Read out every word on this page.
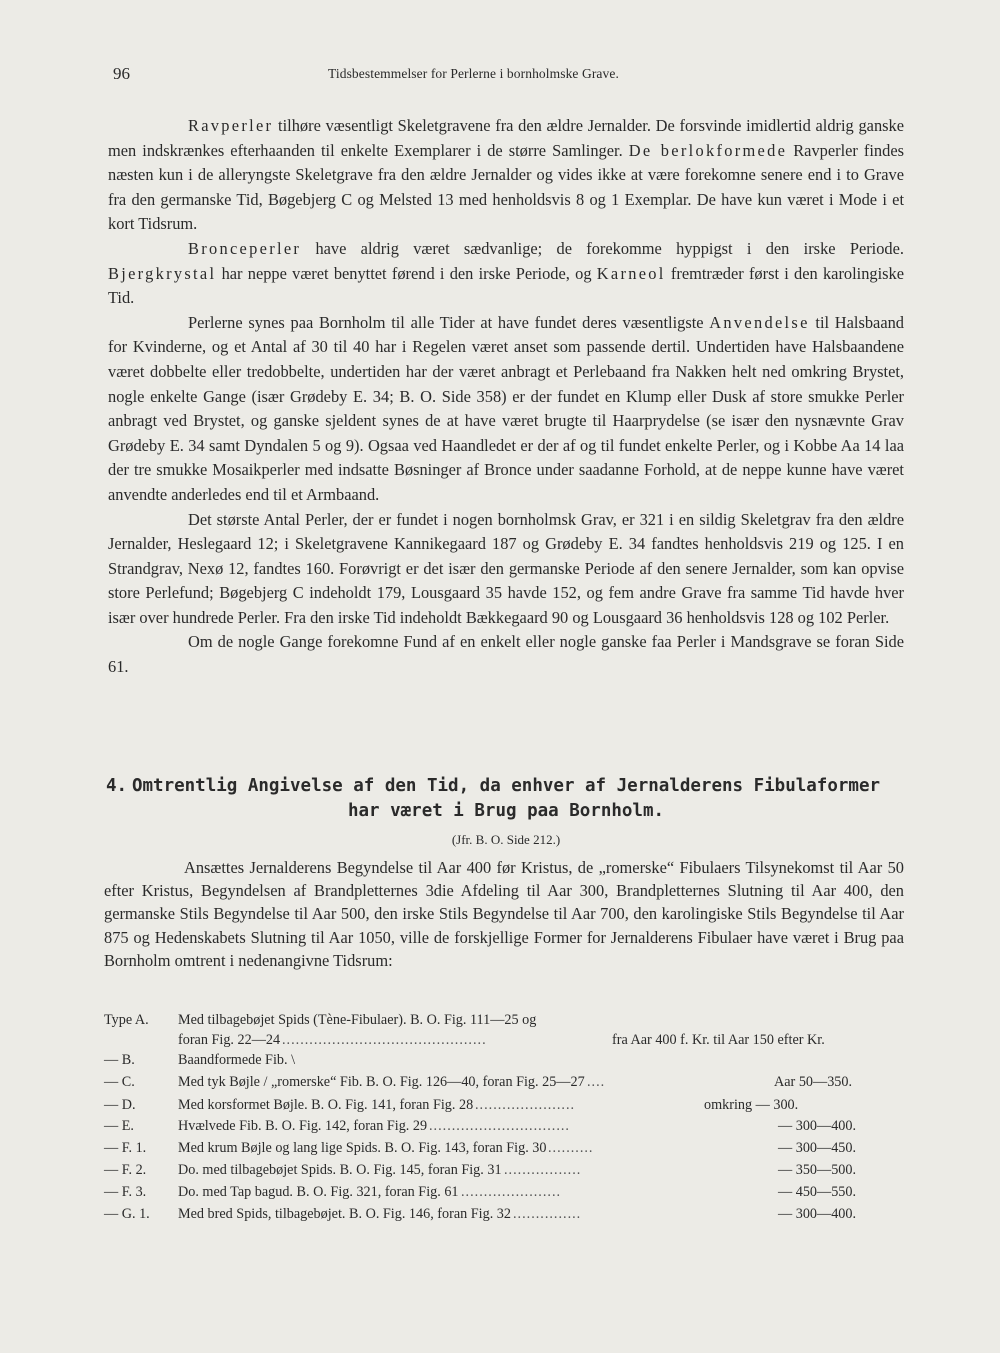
96	Tidsbestemmelser for Perlerne i bornholmske Grave.

Ravperler tilhøre væsentligt Skeletgravene fra den ældre Jernalder. De forsvinde imidlertid aldrig ganske men indskrænkes efterhaanden til enkelte Exemplarer i de større Samlinger. De berlokformede Ravperler findes næsten kun i de alleryngste Skeletgrave fra den ældre Jernalder og vides ikke at være forekomne senere end i to Grave fra den germanske Tid, Bøgebjerg C og Melsted 13 med henholdsvis 8 og 1 Exemplar. De have kun været i Mode i et kort Tidsrum.

Bronceperler have aldrig været sædvanlige; de forekomme hyppigst i den irske Periode. Bjergkrystal har neppe været benyttet førend i den irske Periode, og Karneol fremtræder først i den karolingiske Tid.

Perlerne synes paa Bornholm til alle Tider at have fundet deres væsentligste Anvendelse til Halsbaand for Kvinderne, og et Antal af 30 til 40 har i Regelen været anset som passende dertil. Undertiden have Halsbaandene været dobbelte eller tredobbelte, undertiden har der været anbragt et Perlebaand fra Nakken helt ned omkring Brystet, nogle enkelte Gange (især Grødeby E. 34; B. O. Side 358) er der fundet en Klump eller Dusk af store smukke Perler anbragt ved Brystet, og ganske sjeldent synes de at have været brugte til Haarprydelse (se især den nysnævnte Grav Grødeby E. 34 samt Dyndalen 5 og 9). Ogsaa ved Haandledet er der af og til fundet enkelte Perler, og i Kobbe Aa 14 laa der tre smukke Mosaikperler med indsatte Bøsninger af Bronce under saadanne Forhold, at de neppe kunne have været anvendte anderledes end til et Armbaand.

Det største Antal Perler, der er fundet i nogen bornholmsk Grav, er 321 i en sildig Skeletgrav fra den ældre Jernalder, Heslegaard 12; i Skeletgravene Kannikegaard 187 og Grødeby E. 34 fandtes henholdsvis 219 og 125. I en Strandgrav, Nexø 12, fandtes 160. Forøvrigt er det især den germanske Periode af den senere Jernalder, som kan opvise store Perlefund; Bøgebjerg C indeholdt 179, Lousgaard 35 havde 152, og fem andre Grave fra samme Tid havde hver især over hundrede Perler. Fra den irske Tid indeholdt Bækkegaard 90 og Lousgaard 36 henholdsvis 128 og 102 Perler.

Om de nogle Gange forekomne Fund af en enkelt eller nogle ganske faa Perler i Mandsgrave se foran Side 61.

4. Omtrentlig Angivelse af den Tid, da enhver af Jernalderens Fibulaformer
har været i Brug paa Bornholm.
(Jfr. B. O. Side 212.)

Ansættes Jernalderens Begyndelse til Aar 400 før Kristus, de „romerske“ Fibulaers Tilsynekomst til Aar 50 efter Kristus, Begyndelsen af Brandpletternes 3die Afdeling til Aar 300, Brandpletternes Slutning til Aar 400, den germanske Stils Begyndelse til Aar 500, den irske Stils Begyndelse til Aar 700, den karolingiske Stils Begyndelse til Aar 875 og Hedenskabets Slutning til Aar 1050, ville de forskjellige Former for Jernalderens Fibulaer have været i Brug paa Bornholm omtrent i nedenangivne Tidsrum:

Type A.	Med tilbagebøjet Spids (Tène-Fibulaer). B. O. Fig. 111—25 og
foran Fig. 22—24 .............................................	fra Aar 400 f. Kr. til Aar 150 efter Kr.
— B.	Baandformede Fib. \
— C.	Med tyk Bøjle / „romerske“ Fib. B. O. Fig. 126—40, foran Fig. 25—27 ....	Aar 50—350.
— D.	Med korsformet Bøjle. B. O. Fig. 141, foran Fig. 28 ......................	omkring — 300.
— E.	Hvælvede Fib. B. O. Fig. 142, foran Fig. 29 ...............................	— 300—400.
— F. 1.	Med krum Bøjle og lang lige Spids. B. O. Fig. 143, foran Fig. 30 ..........	— 300—450.
— F. 2.	Do. med tilbagebøjet Spids. B. O. Fig. 145, foran Fig. 31 .................	— 350—500.
— F. 3.	Do. med Tap bagud. B. O. Fig. 321, foran Fig. 61 ......................	— 450—550.
— G. 1.	Med bred Spids, tilbagebøjet. B. O. Fig. 146, foran Fig. 32 ...............	— 300—400.
